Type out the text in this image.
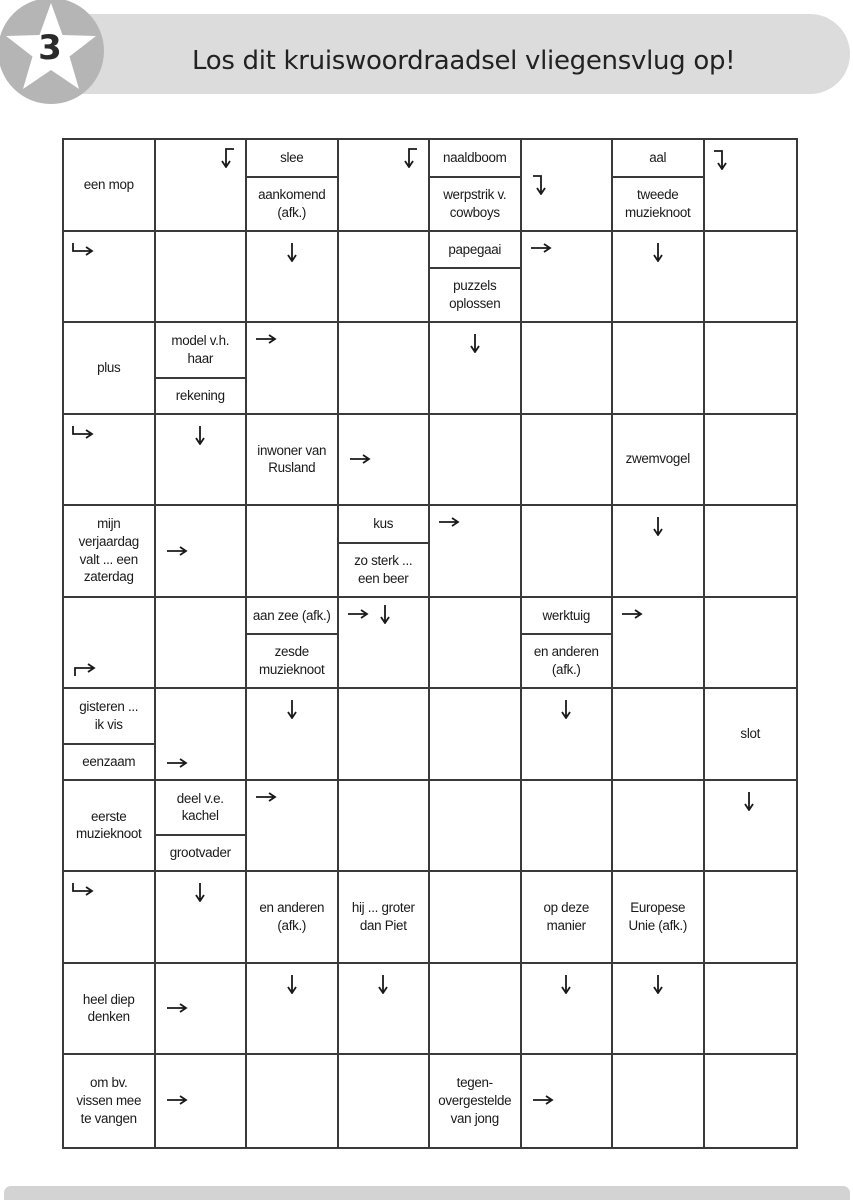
Los dit kruiswoordraadsel vliegensvlug op!
3
een mop
slee
aankomend
(afk.)
naaldboom
werpstrik v.
cowboys
aal
tweede
muzieknoot
papegaai
puzzels
oplossen
plus
model v.h.
haar
rekening
inwoner van
Rusland
zwemvogel
mijn
verjaardag
valt ... een
zaterdag
kus
zo sterk ...
een beer
aan zee (afk.)
zesde
muzieknoot
werktuig
en anderen
(afk.)
gisteren ...
ik vis
eenzaam
slot
eerste
muzieknoot
deel v.e.
kachel
grootvader
en anderen
(afk.)
hij ... groter
dan Piet
op deze
manier
Europese
Unie (afk.)
heel diep
denken
om bv.
vissen mee
te vangen
tegen-
overgestelde
van jong
